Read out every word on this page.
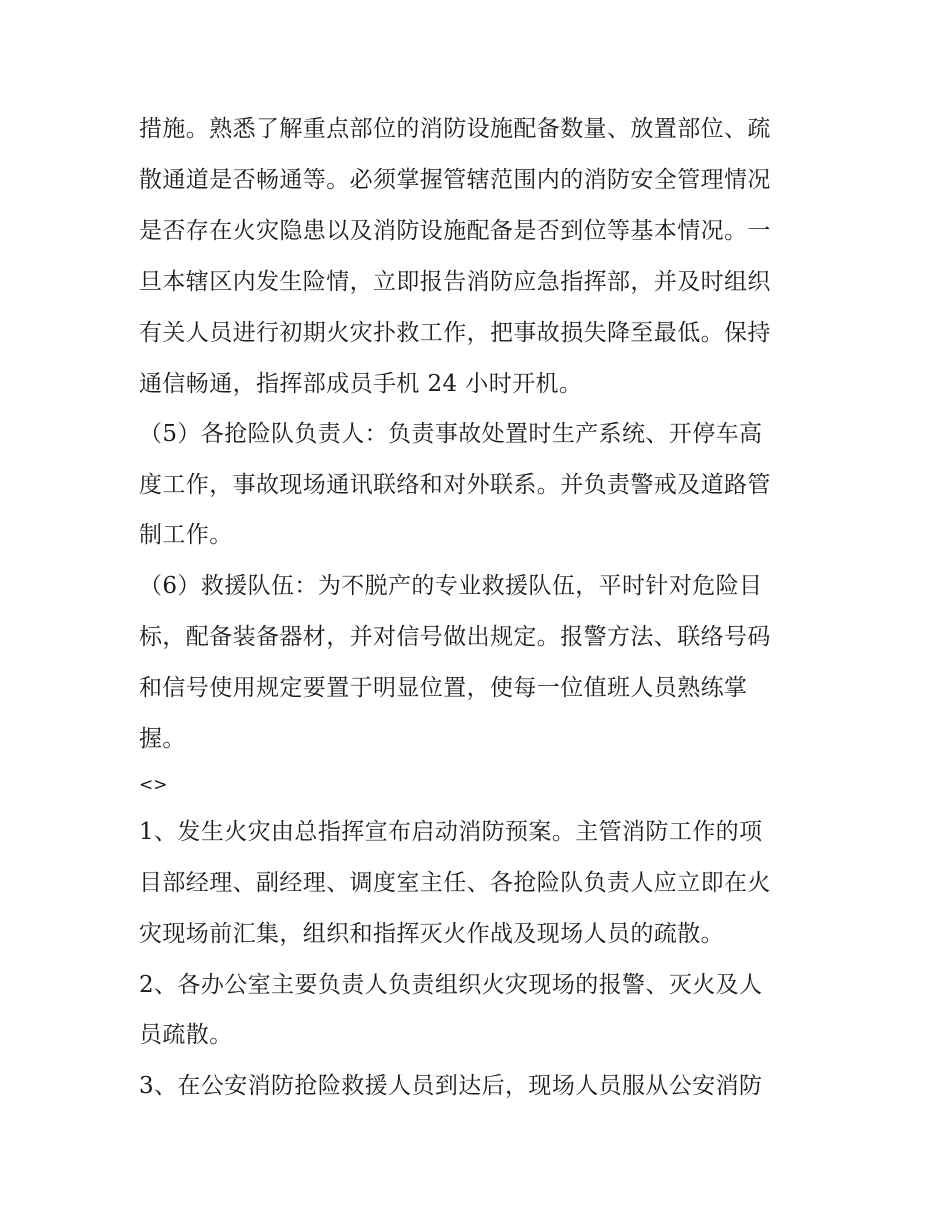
措施。熟悉了解重点部位的消防设施配备数量、放置部位、疏
散通道是否畅通等。必须掌握管辖范围内的消防安全管理情况
是否存在火灾隐患以及消防设施配备是否到位等基本情况。一
旦本辖区内发生险情，立即报告消防应急指挥部，并及时组织
有关人员进行初期火灾扑救工作，把事故损失降至最低。保持
通信畅通，指挥部成员手机 24 小时开机。
（5）各抢险队负责人：负责事故处置时生产系统、开停车高
度工作，事故现场通讯联络和对外联系。并负责警戒及道路管
制工作。
（6）救援队伍：为不脱产的专业救援队伍，平时针对危险目
标，配备装备器材，并对信号做出规定。报警方法、联络号码
和信号使用规定要置于明显位置，使每一位值班人员熟练掌
握。
<>
1、发生火灾由总指挥宣布启动消防预案。主管消防工作的项
目部经理、副经理、调度室主任、各抢险队负责人应立即在火
灾现场前汇集，组织和指挥灭火作战及现场人员的疏散。
2、各办公室主要负责人负责组织火灾现场的报警、灭火及人
员疏散。
3、在公安消防抢险救援人员到达后，现场人员服从公安消防
